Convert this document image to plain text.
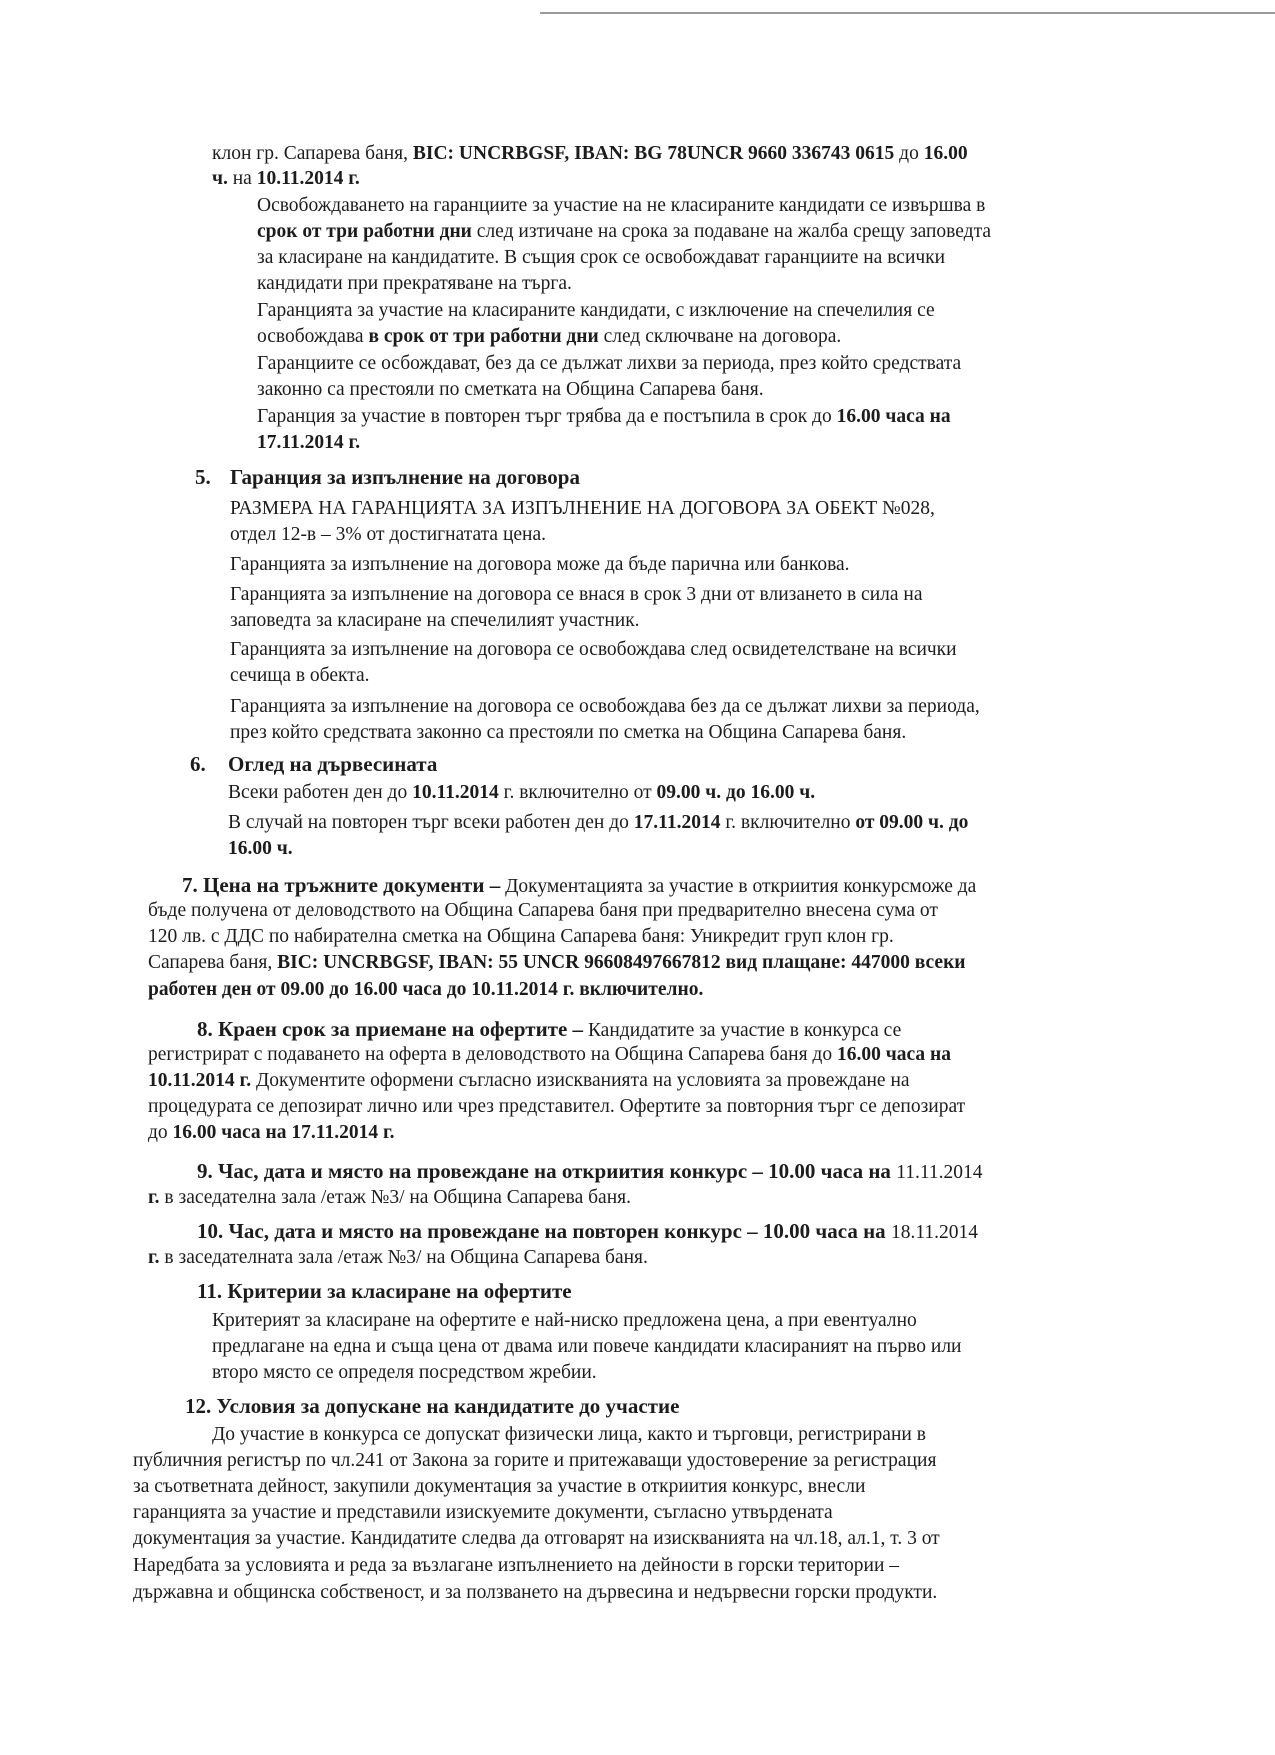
клон гр. Сапарева баня, BIC: UNCRBGSF, IBAN: BG 78UNCR 9660 336743 0615 до 16.00

ч. на 10.11.2014 г.

Освобождаването на гаранциите за участие на не класираните кандидати се извършва в

срок от три работни дни след изтичане на срока за подаване на жалба срещу заповедта

за класиране на кандидатите. В същия срок се освобождават гаранциите на всички

кандидати при прекратяване на търга.

Гаранцията за участие на класираните кандидати, с изключение на спечелилия се

освобождава в срок от три работни дни след сключване на договора.

Гаранциите се осбождават, без да се дължат лихви за периода, през който средствата

законно са престояли по сметката на Община Сапарева баня.

Гаранция за участие в повторен търг трябва да е постъпила в срок до 16.00 часа на

17.11.2014 г.

5. Гаранция за изпълнение на договора

РАЗМЕРА НА ГАРАНЦИЯТА ЗА ИЗПЪЛНЕНИЕ НА ДОГОВОРА ЗА ОБЕКТ №028,

отдел 12-в – 3% от достигнатата цена.

Гаранцията за изпълнение на договора може да бъде парична или банкова.

Гаранцията за изпълнение на договора се внася в срок 3 дни от влизането в сила на

заповедта за класиране на спечелилият участник.

Гаранцията за изпълнение на договора се освобождава след освидетелстване на всички

сечища в обекта.

Гаранцията за изпълнение на договора се освобождава без да се дължат лихви за периода,

през който средствата законно са престояли по сметка на Община Сапарева баня.

6. Оглед на дървесината

Всеки работен ден до 10.11.2014 г. включително от 09.00 ч. до 16.00 ч.

В случай на повторен търг всеки работен ден до 17.11.2014 г. включително от 09.00 ч. до

16.00 ч.

7. Цена на тръжните документи – Документацията за участие в откриития конкурсможе да

бъде получена от деловодството на Община Сапарева баня при предварително внесена сума от

120 лв. с ДДС по набирателна сметка на Община Сапарева баня: Уникредит груп клон гр.

Сапарева баня, BIC: UNCRBGSF, IBAN: 55 UNCR 96608497667812 вид плащане: 447000 всеки

работен ден от 09.00 до 16.00 часа до 10.11.2014 г. включително.

8. Краен срок за приемане на офертите – Кандидатите за участие в конкурса се

регистрират с подаването на оферта в деловодството на Община Сапарева баня до 16.00 часа на

10.11.2014 г. Документите оформени съгласно изискванията на условията за провеждане на

процедурата се депозират лично или чрез представител. Офертите за повторния търг се депозират

до 16.00 часа на 17.11.2014 г.

9. Час, дата и място на провеждане на откриития конкурс – 10.00 часа на 11.11.2014

г. в заседателна зала /етаж №3/ на Община Сапарева баня.

10. Час, дата и място на провеждане на повторен конкурс – 10.00 часа на 18.11.2014

г. в заседателната зала /етаж №3/ на Община Сапарева баня.

11. Критерии за класиране на офертите

Критерият за класиране на офертите е най-ниско предложена цена, а при евентуално

предлагане на една и съща цена от двама или повече кандидати класираният на първо или

второ място се определя посредством жребии.

12. Условия за допускане на кандидатите до участие

До участие в конкурса се допускат физически лица, както и търговци, регистрирани в

публичния регистър по чл.241 от Закона за горите и притежаващи удостоверение за регистрация

за съответната дейност, закупили документация за участие в откриития конкурс, внесли

гаранцията за участие и представили изискуемите документи, съгласно утвърдената

документация за участие. Кандидатите следва да отговарят на изискванията на чл.18, ал.1, т. 3 от

Наредбата за условията и реда за възлагане изпълнението на дейности в горски територии –

държавна и общинска собственост, и за ползването на дървесина и недървесни горски продукти.
